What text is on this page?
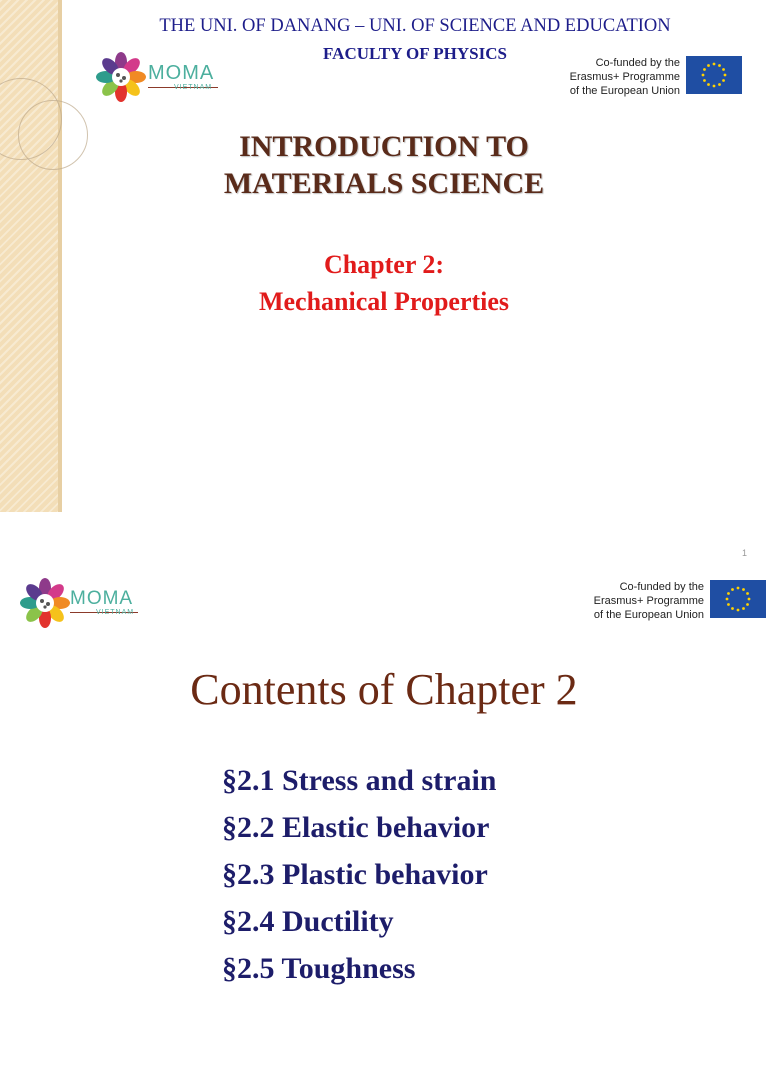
THE UNI. OF DANANG – UNI. OF SCIENCE AND EDUCATION
FACULTY OF PHYSICS
MOMA
VIETNAM
Co-funded by the
Erasmus+ Programme
of the European Union
INTRODUCTION TO
MATERIALS SCIENCE
Chapter 2:
Mechanical Properties
1
MOMA
VIETNAM
Co-funded by the
Erasmus+ Programme
of the European Union
Contents of Chapter 2
§2.1 Stress and strain
§2.2 Elastic behavior
§2.3 Plastic behavior
§2.4 Ductility
§2.5 Toughness
